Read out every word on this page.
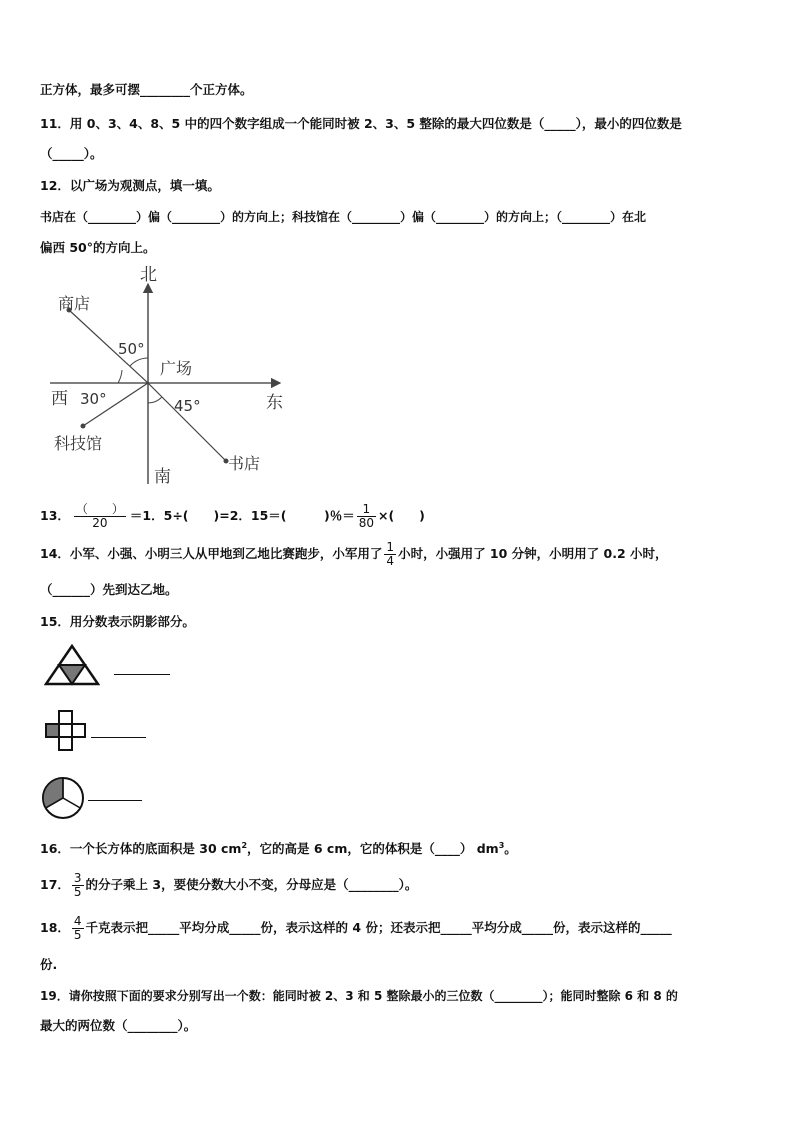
正方体，最多可摆________个正方体。
11．用 0、3、4、8、5 中的四个数字组成一个能同时被 2、3、5 整除的最大四位数是（_____），最小的四位数是
（_____）。
12．以广场为观测点，填一填。
书店在（________）偏（________）的方向上；科技馆在（________）偏（________）的方向上；（________）在北
偏西 50°的方向上。
北
南
西	东
广场
商店
科技馆
书店
50°
30°	45°
13． $\frac{( )}{20} =1$．5÷(　　)=2．15＝(　　　)％＝ $\frac{1}{80}$ ×(　　)
14． 小军、小强、小明三人从甲地到乙地比赛跑步，小军用了 $\frac{1}{4}$ 小时，小强用了 10 分钟，小明用了 0.2 小时，
（______）先到达乙地。
15．用分数表示阴影部分。
16．一个长方体的底面积是 30 $cm^2$，它的高是 6 cm，它的体积是（____） $dm^3$。
17． $\frac{3}{5}$ 的分子乘上 3，要使分数大小不变，分母应是（________）。
18． $\frac{4}{5}$ 千克表示把_____平均分成_____份，表示这样的 4 份；还表示把_____平均分成_____份，表示这样的_____
份.
19．请你按照下面的要求分别写出一个数：能同时被 2、3 和 5 整除最小的三位数（________）；能同时整除 6 和 8 的
最大的两位数（________）。
